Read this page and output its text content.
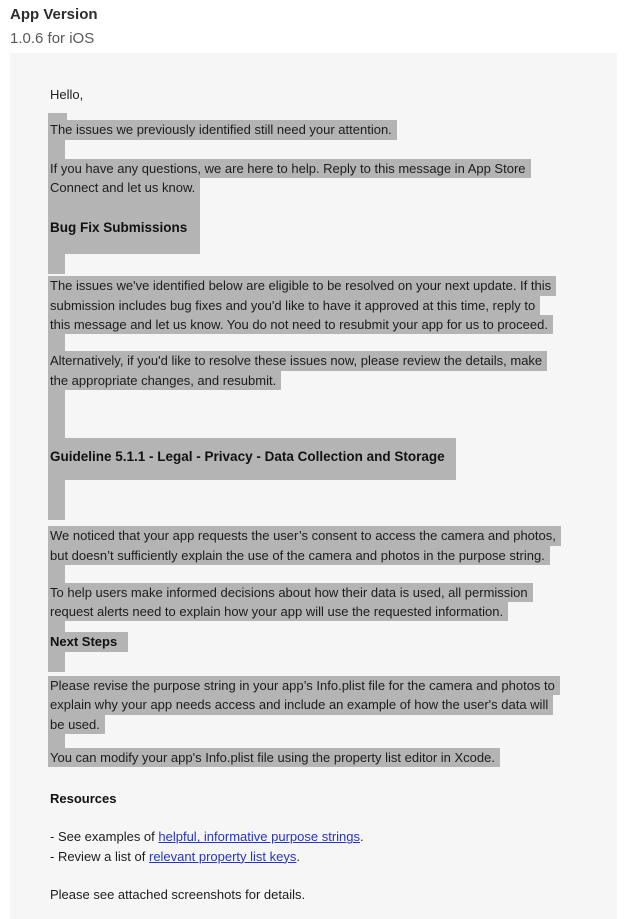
App Version
1.0.6 for iOS
Hello,
The issues we previously identified still need your attention.
If you have any questions, we are here to help. Reply to this message in App Store
Connect and let us know.
Bug Fix Submissions
The issues we've identified below are eligible to be resolved on your next update. If this
submission includes bug fixes and you'd like to have it approved at this time, reply to
this message and let us know. You do not need to resubmit your app for us to proceed.
Alternatively, if you'd like to resolve these issues now, please review the details, make
the appropriate changes, and resubmit.
Guideline 5.1.1 - Legal - Privacy - Data Collection and Storage
We noticed that your app requests the user’s consent to access the camera and photos,
but doesn’t sufficiently explain the use of the camera and photos in the purpose string.
To help users make informed decisions about how their data is used, all permission
request alerts need to explain how your app will use the requested information.
Next Steps
Please revise the purpose string in your app’s Info.plist file for the camera and photos to
explain why your app needs access and include an example of how the user's data will
be used.
You can modify your app's Info.plist file using the property list editor in Xcode.
Resources
- See examples of helpful, informative purpose strings.
- Review a list of relevant property list keys.
Please see attached screenshots for details.
